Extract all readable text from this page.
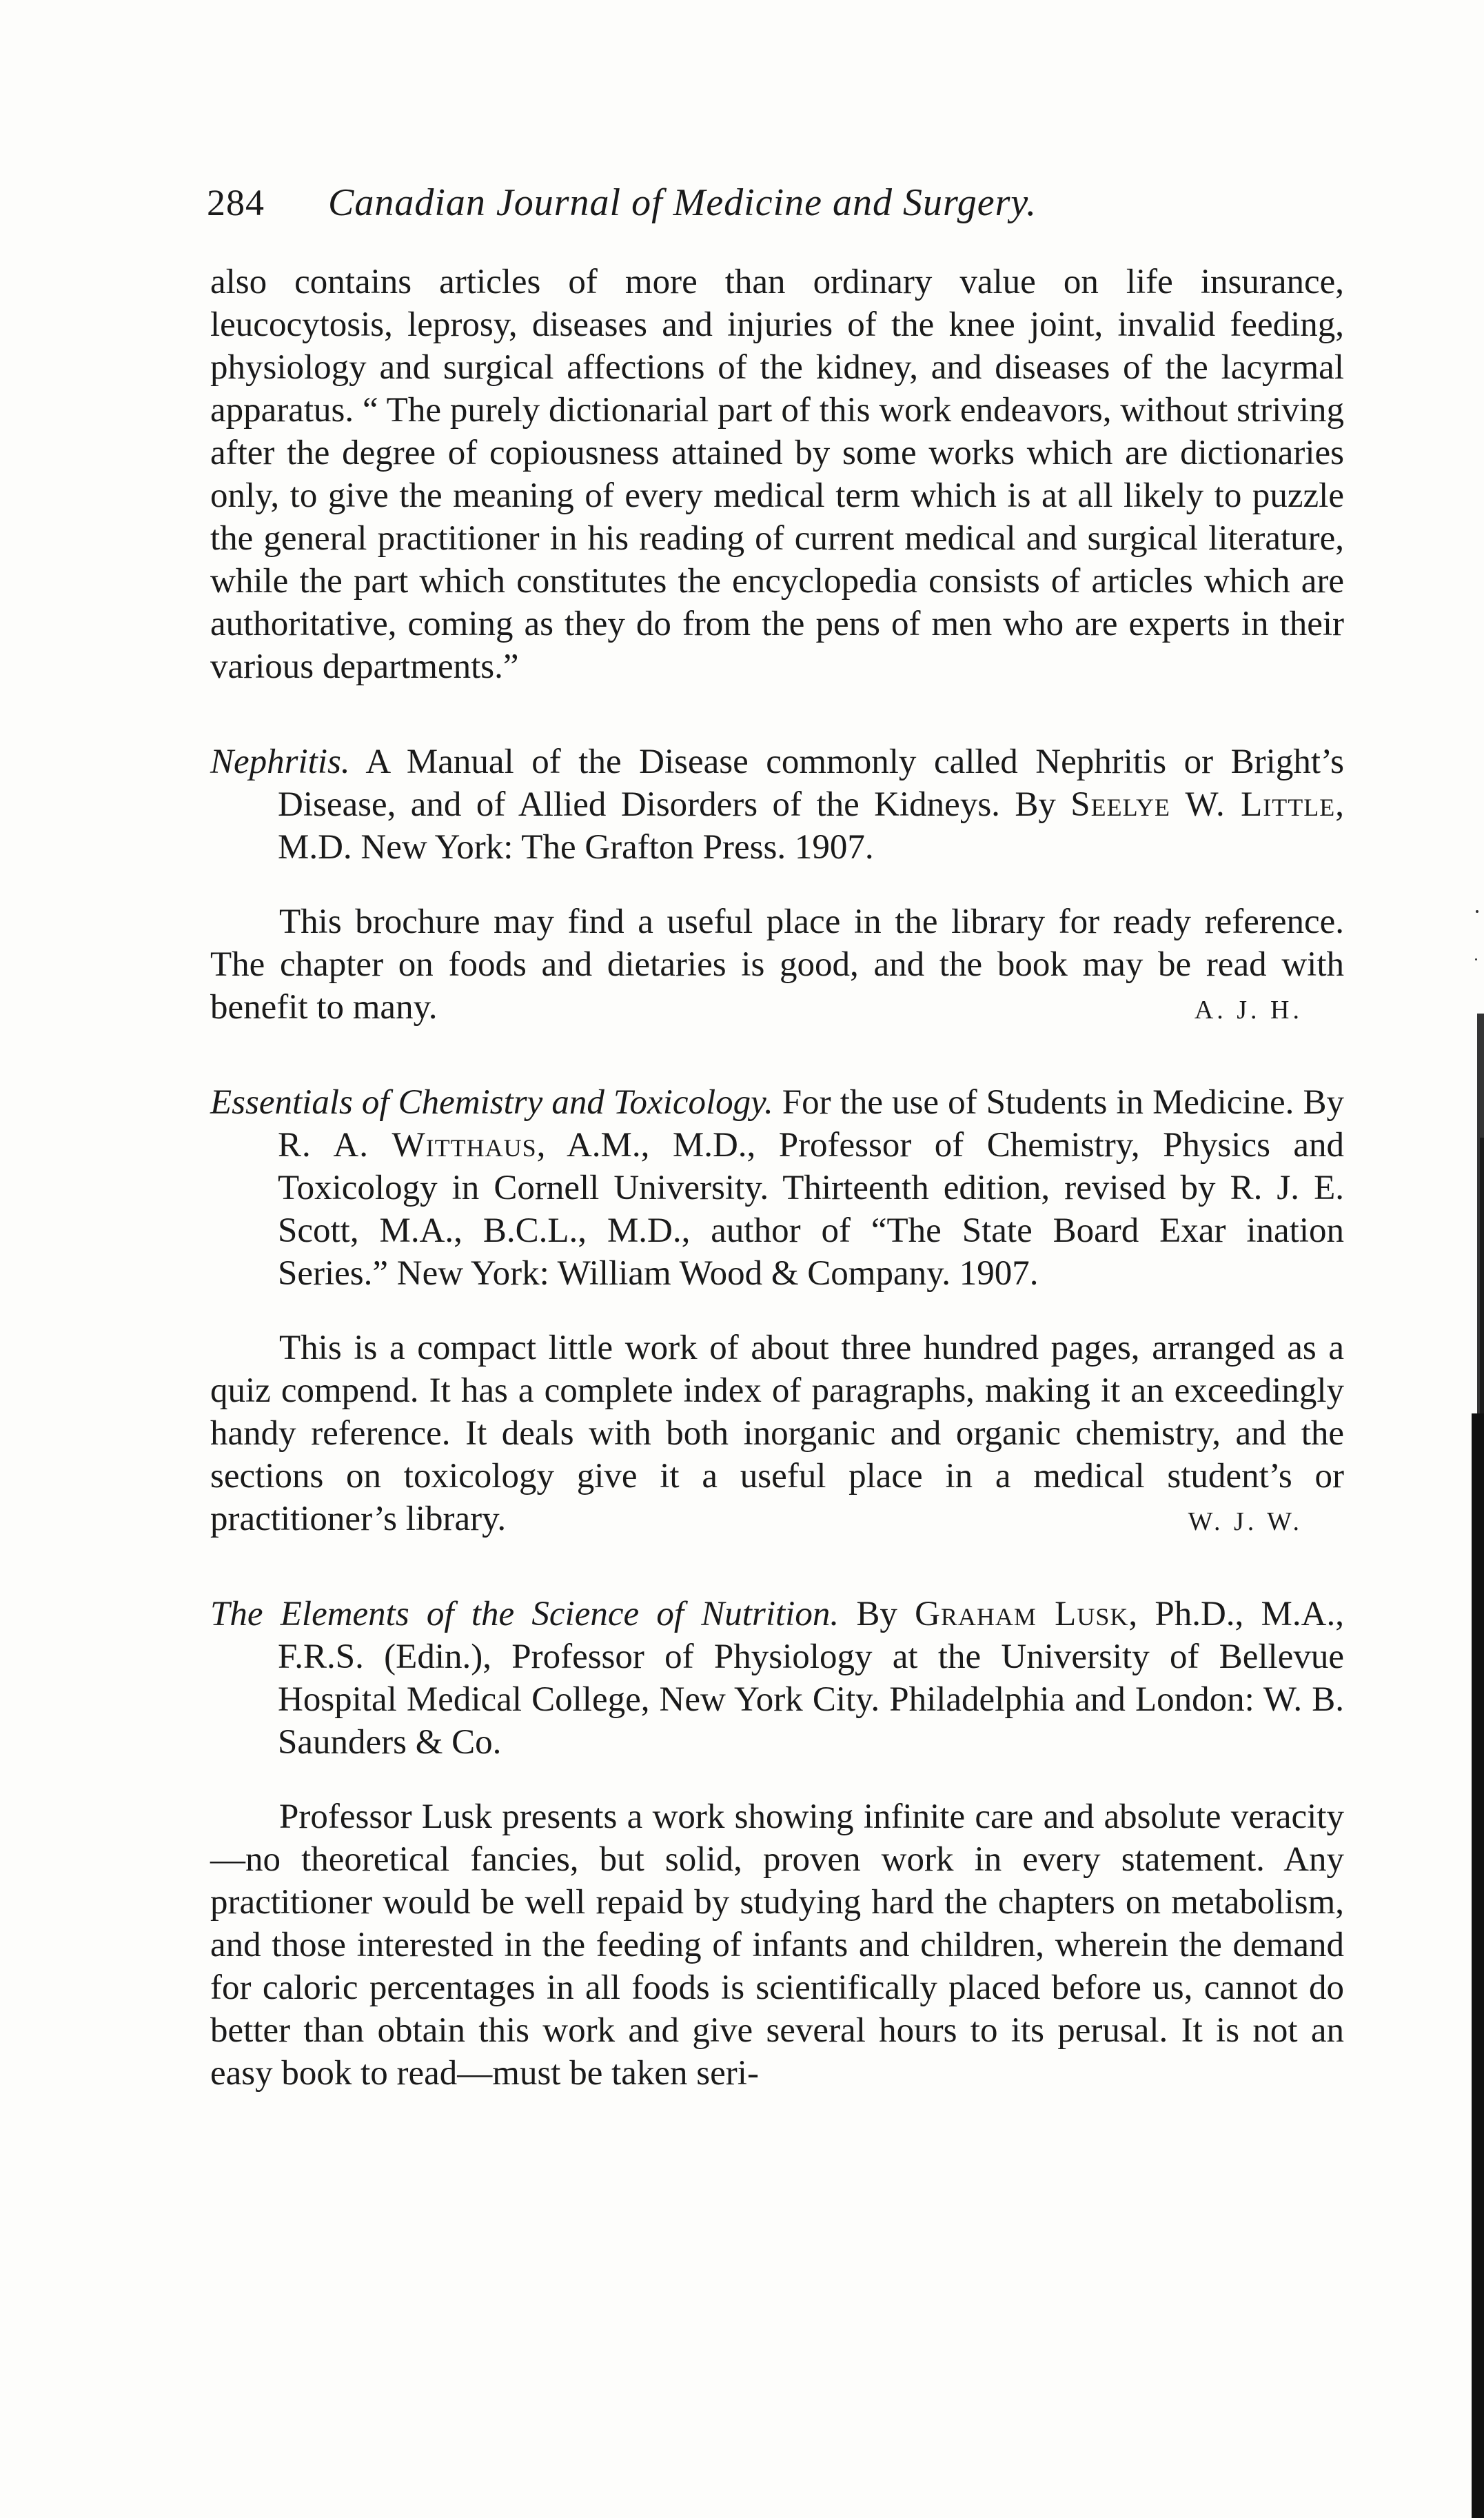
284 Canadian Journal of Medicine and Surgery.

also contains articles of more than ordinary value on life insurance, leucocytosis, leprosy, diseases and injuries of the knee joint, invalid feeding, physiology and surgical affections of the kidney, and diseases of the lacyrmal apparatus. “ The purely dictionarial part of this work endeavors, without striving after the degree of copiousness attained by some works which are dictionaries only, to give the meaning of every medical term which is at all likely to puzzle the general practitioner in his reading of current medical and surgical literature, while the part which constitutes the encyclopedia consists of articles which are authoritative, coming as they do from the pens of men who are experts in their various departments.”

Nephritis. A Manual of the Disease commonly called Nephritis or Bright’s Disease, and of Allied Disorders of the Kidneys. By Seelye W. Little, M.D. New York: The Grafton Press. 1907.

This brochure may find a useful place in the library for ready reference. The chapter on foods and dietaries is good, and the book may be read with benefit to many.	A. J. H.

Essentials of Chemistry and Toxicology. For the use of Students in Medicine. By R. A. Witthaus, A.M., M.D., Professor of Chemistry, Physics and Toxicology in Cornell University. Thirteenth edition, revised by R. J. E. Scott, M.A., B.C.L., M.D., author of “The State Board Exar ination Series.” New York: William Wood & Company. 1907.

This is a compact little work of about three hundred pages, arranged as a quiz compend. It has a complete index of paragraphs, making it an exceedingly handy reference. It deals with both inorganic and organic chemistry, and the sections on toxicology give it a useful place in a medical student’s or practitioner’s library.	W. J. W.

The Elements of the Science of Nutrition. By Graham Lusk, Ph.D., M.A., F.R.S. (Edin.), Professor of Physiology at the University of Bellevue Hospital Medical College, New York City. Philadelphia and London: W. B. Saunders & Co.

Professor Lusk presents a work showing infinite care and absolute veracity—no theoretical fancies, but solid, proven work in every statement. Any practitioner would be well repaid by studying hard the chapters on metabolism, and those interested in the feeding of infants and children, wherein the demand for caloric percentages in all foods is scientifically placed before us, cannot do better than obtain this work and give several hours to its perusal. It is not an easy book to read—must be taken seri-
